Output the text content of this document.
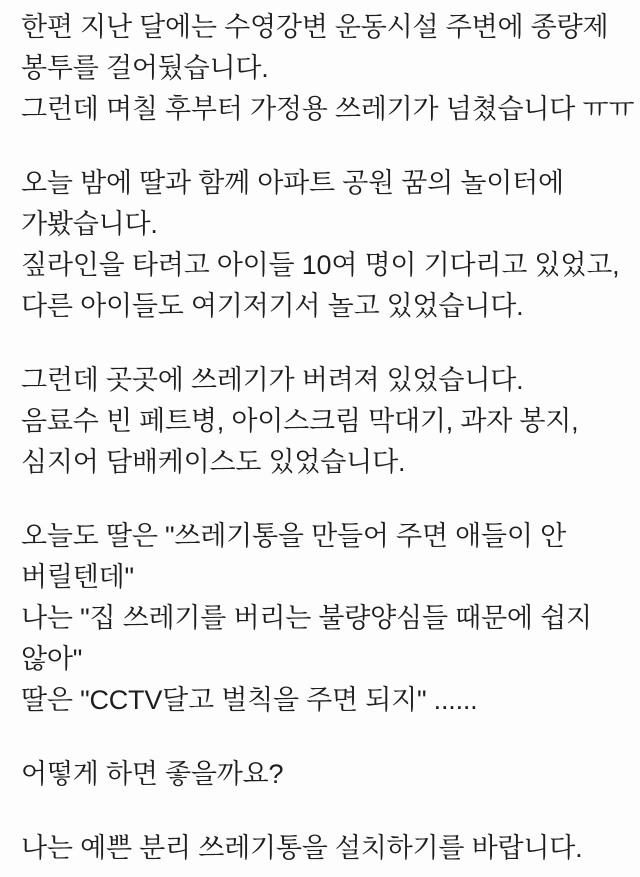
한편 지난 달에는 수영강변 운동시설 주변에 종량제
봉투를 걸어뒀습니다.
그런데 며칠 후부터 가정용 쓰레기가 넘쳤습니다 ㅠㅠ
오늘 밤에 딸과 함께 아파트 공원 꿈의 놀이터에
가봤습니다.
짚라인을 타려고 아이들 10여 명이 기다리고 있었고,
다른 아이들도 여기저기서 놀고 있었습니다.
그런데 곳곳에 쓰레기가 버려져 있었습니다.
음료수 빈 페트병, 아이스크림 막대기, 과자 봉지,
심지어 담배케이스도 있었습니다.
오늘도 딸은 "쓰레기통을 만들어 주면 애들이 안
버릴텐데"
나는 "집 쓰레기를 버리는 불량양심들 때문에 쉽지
않아"
딸은 "CCTV달고 벌칙을 주면 되지" ......
어떻게 하면 좋을까요?
나는 예쁜 분리 쓰레기통을 설치하기를 바랍니다.
